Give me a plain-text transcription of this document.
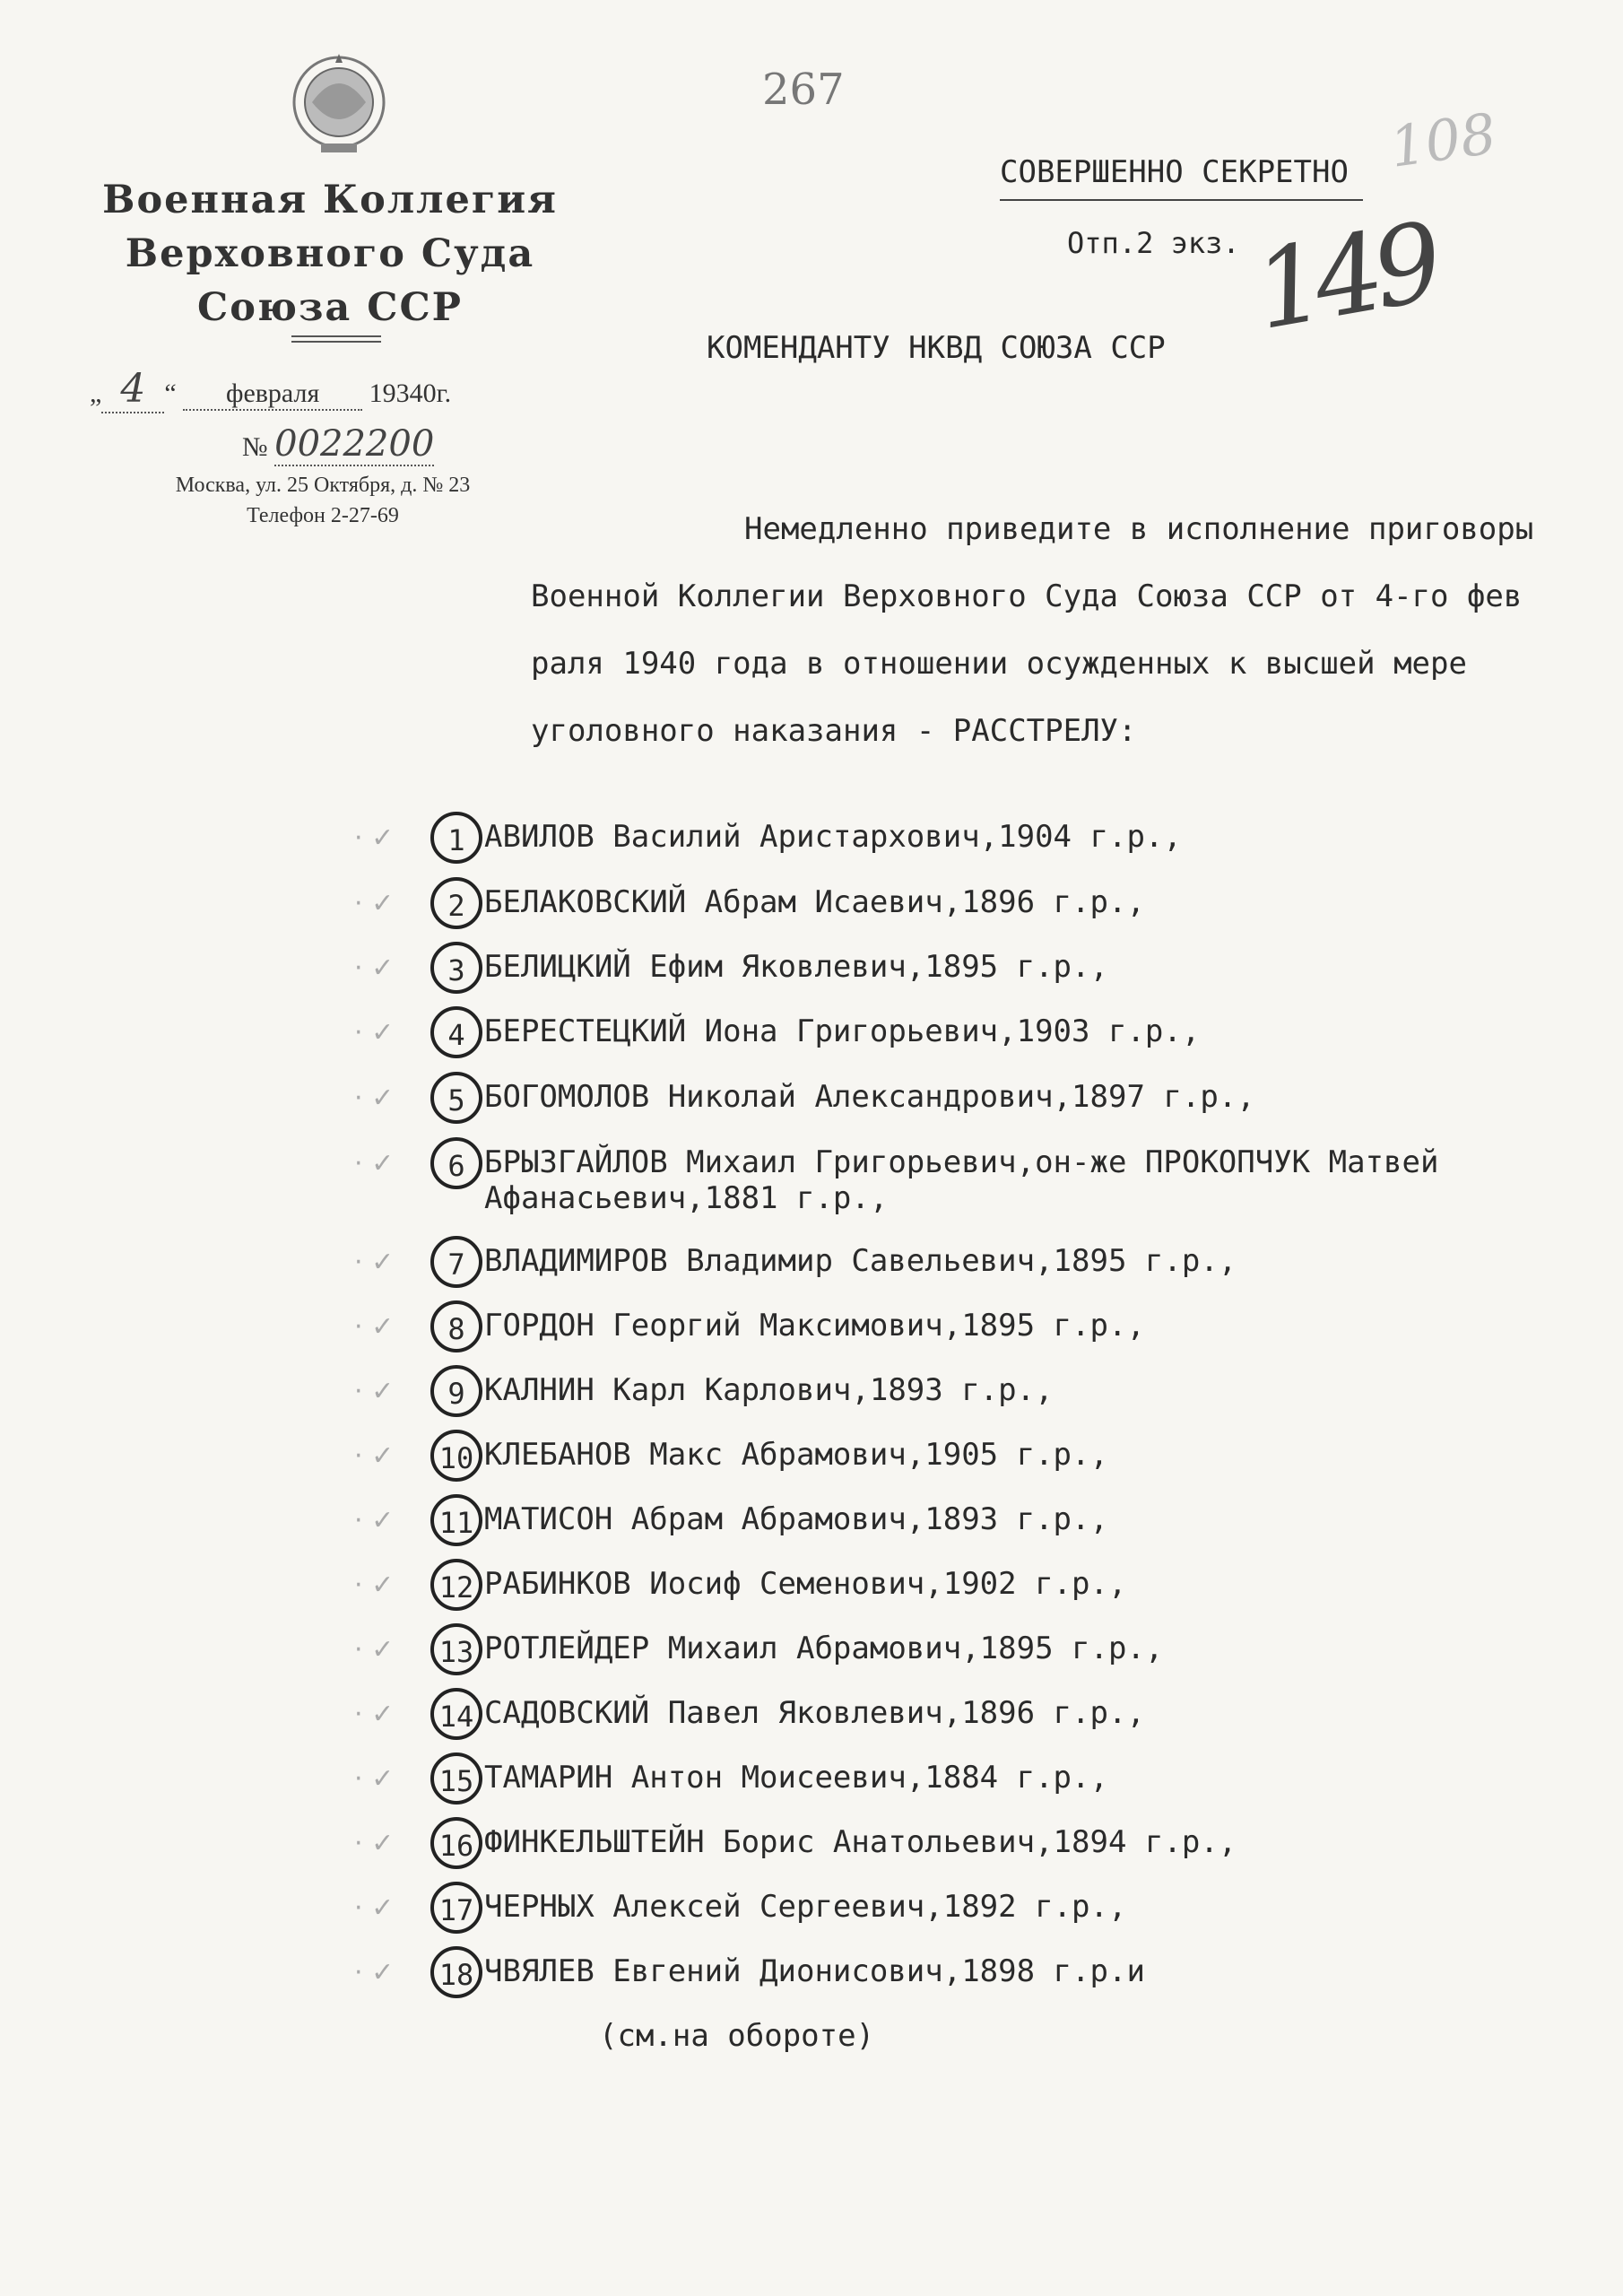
Военная Коллегия
Верховного Суда
Союза ССР
„ 4 “ февраля 19340г.
№ 0022200
Москва, ул. 25 Октября, д. № 23
Телефон 2-27-69
267
108
СОВЕРШЕННО СЕКРЕТНО
Отп.2 экз. 149
КОМЕНДАНТУ НКВД СОЮЗА ССР
Немедленно приведите в исполнение приговоры
Военной Коллегии Верховного Суда Союза ССР от 4-го фев
раля 1940 года в отношении осужденных к высшей мере
уголовного наказания - РАССТРЕЛУ:
· ✓	1 АВИЛОВ Василий Аристархович,1904 г.р.,
· ✓	2 БЕЛАКОВСКИЙ Абрам Исаевич,1896 г.р.,
· ✓	3 БЕЛИЦКИЙ Ефим Яковлевич,1895 г.р.,
· ✓	4 БЕРЕСТЕЦКИЙ Иона Григорьевич,1903 г.р.,
· ✓	5 БОГОМОЛОВ Николай Александрович,1897 г.р.,
· ✓	6 БРЫЗГАЙЛОВ Михаил Григорьевич,он-же ПРОКОПЧУК Матвей
Афанасьевич,1881 г.р.,
· ✓	7 ВЛАДИМИРОВ Владимир Савельевич,1895 г.р.,
· ✓	8 ГОРДОН Георгий Максимович,1895 г.р.,
· ✓	9 КАЛНИН Карл Карлович,1893 г.р.,
· ✓	10 КЛЕБАНОВ Макс Абрамович,1905 г.р.,
· ✓	11 МАТИСОН Абрам Абрамович,1893 г.р.,
· ✓	12 РАБИНКОВ Иосиф Семенович,1902 г.р.,
· ✓	13 РОТЛЕЙДЕР Михаил Абрамович,1895 г.р.,
· ✓	14 САДОВСКИЙ Павел Яковлевич,1896 г.р.,
· ✓	15 ТАМАРИН Антон Моисеевич,1884 г.р.,
· ✓	16 ФИНКЕЛЬШТЕЙН Борис Анатольевич,1894 г.р.,
· ✓	17 ЧЕРНЫХ Алексей Сергеевич,1892 г.р.,
· ✓	18 ЧВЯЛЕВ Евгений Дионисович,1898 г.р.и
(см.на обороте)
